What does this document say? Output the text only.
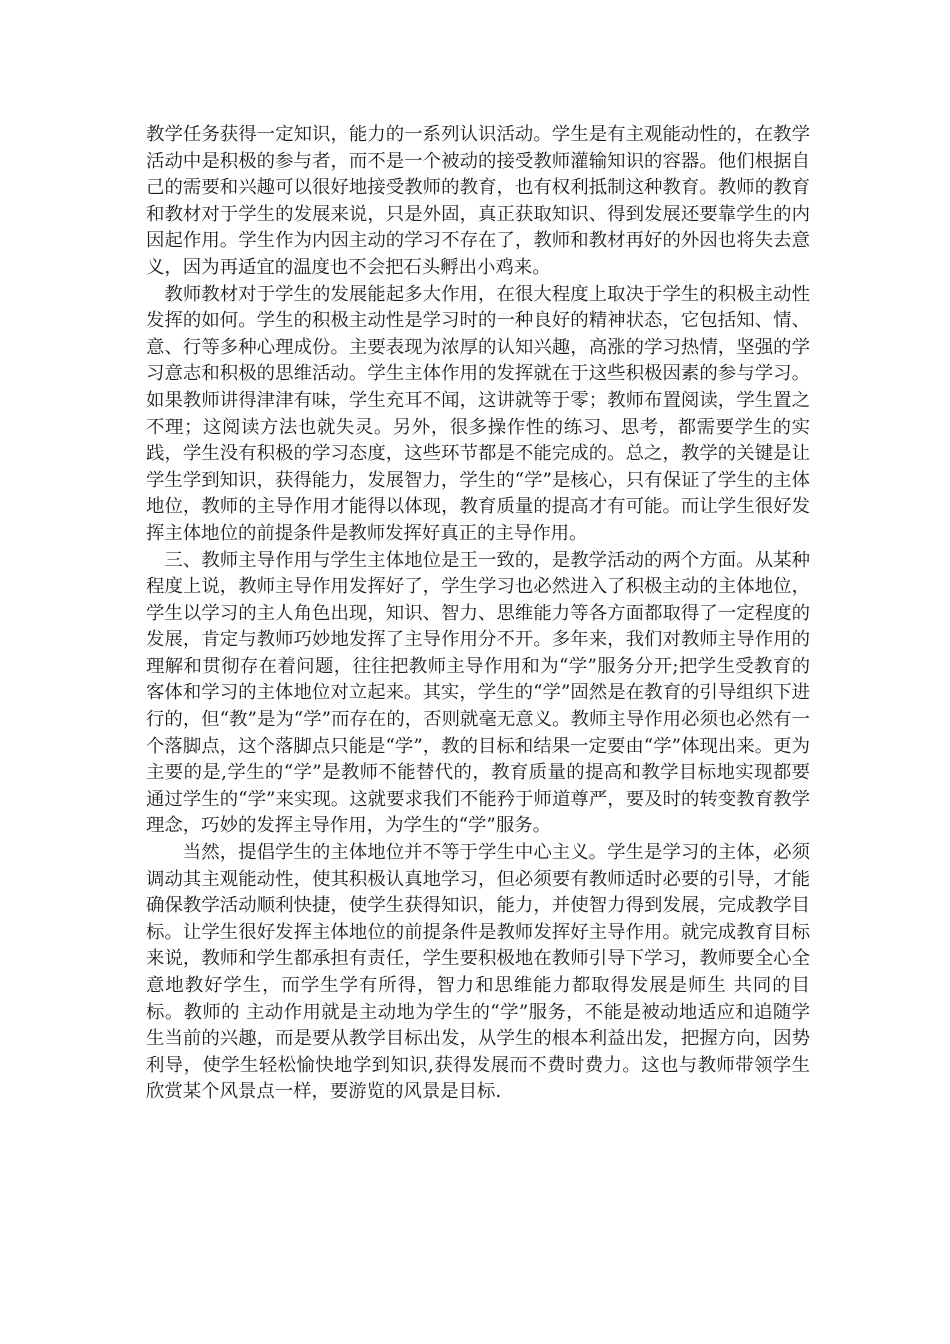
教学任务获得一定知识，能力的一系列认识活动。学生是有主观能动性的，在教学活动中是积极的参与者，而不是一个被动的接受教师灌输知识的容器。他们根据自己的需要和兴趣可以很好地接受教师的教育，也有权利抵制这种教育。教师的教育和教材对于学生的发展来说，只是外固，真正获取知识、得到发展还要靠学生的内因起作用。学生作为内因主动的学习不存在了，教师和教材再好的外因也将失去意义，因为再适宜的温度也不会把石头孵出小鸡来。

教师教材对于学生的发展能起多大作用，在很大程度上取决于学生的积极主动性发挥的如何。学生的积极主动性是学习时的一种良好的精神状态，它包括知、情、意、行等多种心理成份。主要表现为浓厚的认知兴趣，高涨的学习热情，坚强的学习意志和积极的思维活动。学生主体作用的发挥就在于这些积极因素的参与学习。如果教师讲得津津有味，学生充耳不闻，这讲就等于零；教师布置阅读，学生置之不理；这阅读方法也就失灵。另外，很多操作性的练习、思考，都需要学生的实践，学生没有积极的学习态度，这些环节都是不能完成的。总之，教学的关键是让学生学到知识，获得能力，发展智力，学生的“学”是核心，只有保证了学生的主体地位，教师的主导作用才能得以体现，教育质量的提高才有可能。而让学生很好发挥主体地位的前提条件是教师发挥好真正的主导作用。

三、教师主导作用与学生主体地位是王一致的，是教学活动的两个方面。从某种程度上说，教师主导作用发挥好了，学生学习也必然进入了积极主动的主体地位，学生以学习的主人角色出现，知识、智力、思维能力等各方面都取得了一定程度的发展，肯定与教师巧妙地发挥了主导作用分不开。多年来，我们对教师主导作用的理解和贯彻存在着问题，往往把教师主导作用和为“学”服务分开;把学生受教育的客体和学习的主体地位对立起来。其实，学生的“学”固然是在教育的引导组织下进行的，但“教”是为“学”而存在的，否则就毫无意义。教师主导作用必须也必然有一个落脚点，这个落脚点只能是“学”，教的目标和结果一定要由“学”体现出来。更为主要的是,学生的“学”是教师不能替代的，教育质量的提高和教学目标地实现都要通过学生的“学”来实现。这就要求我们不能矜于师道尊严，要及时的转变教育教学理念，巧妙的发挥主导作用，为学生的“学”服务。

当然，提倡学生的主体地位并不等于学生中心主义。学生是学习的主体，必须调动其主观能动性，使其积极认真地学习，但必须要有教师适时必要的引导，才能确保教学活动顺利快捷，使学生获得知识，能力，并使智力得到发展，完成教学目标。让学生很好发挥主体地位的前提条件是教师发挥好主导作用。就完成教育目标来说，教师和学生都承担有责任，学生要积极地在教师引导下学习，教师要全心全意地教好学生，而学生学有所得，智力和思维能力都取得发展是师生 共同的目标。教师的 主动作用就是主动地为学生的“学”服务，不能是被动地适应和追随学生当前的兴趣，而是要从教学目标出发，从学生的根本利益出发，把握方向，因势利导，使学生轻松愉快地学到知识,获得发展而不费时费力。这也与教师带领学生欣赏某个风景点一样，要游览的风景是目标.
